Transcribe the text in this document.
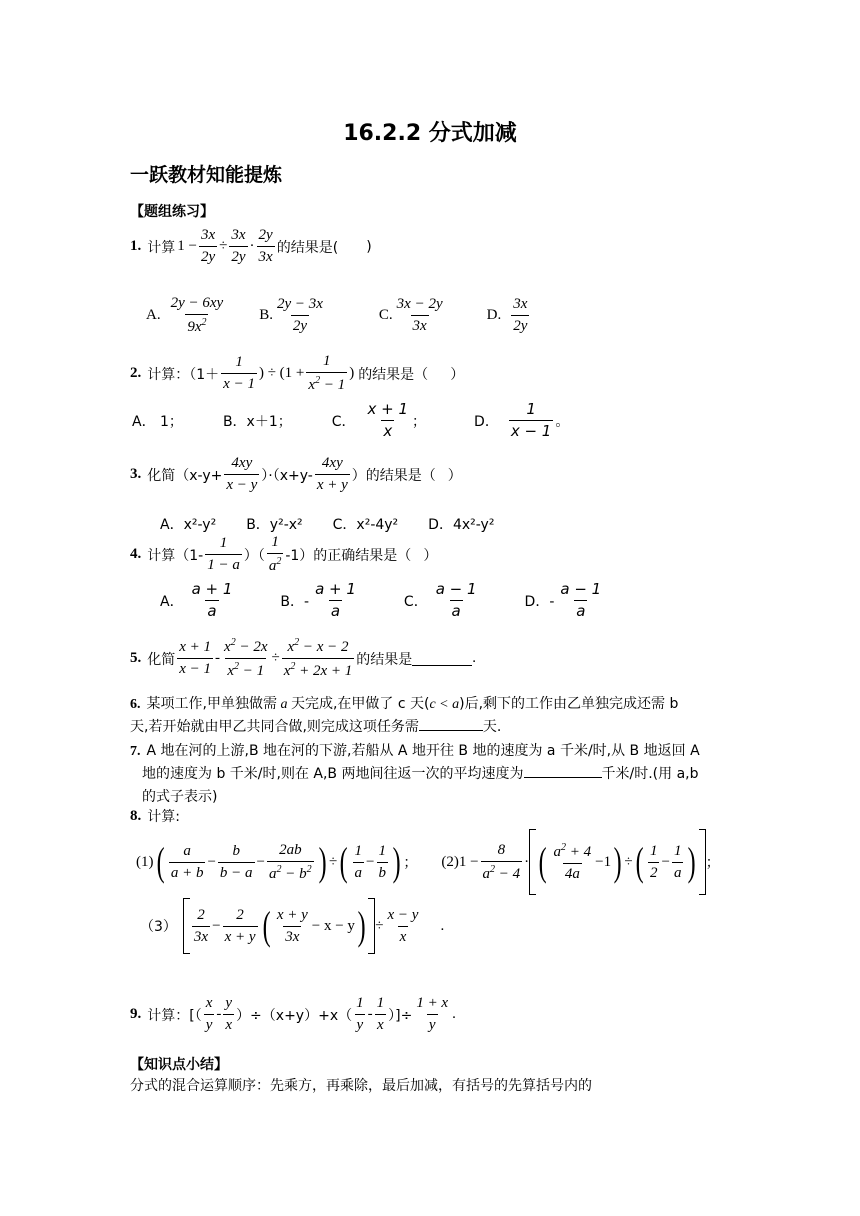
16.2.2 分式加减
一跃教材知能提炼
【题组练习】
1. 计算 $1 - \frac{3x}{2y} \div \frac{3x}{2y} \cdot \frac{2y}{3x}$ 的结果是( )
A. $\frac{2y - 6xy}{9x^2} B$. $\frac{2y - 3x}{2y}$	C. $\frac{3x - 2y}{3x}$	D. $\frac{3x}{2y}$
2. 计算：（$1+ \frac{1}{x - 1}$ ) ÷ ($1 + \frac{1}{x^2 - 1}$ ) 的结果是（ ）
A． 1；	B．x＋1；	C． $\frac{x + 1}{x}$ ；	D． $\frac{1}{x - 1}$ 。
3. 化简$(x-y+ \frac{4xy}{x - y} )\cdot(x+y- \frac{4xy}{x + y}$ ）的结果是（ ）
A．x²-y² B．y²-x² C．x²-4y² D．4x²-y²
4. 计算（$1- \frac{1}{1 - a}$ ）（ $\frac{1}{a^2} -1$）的正确结果是（ ）
A． $\frac{a + 1}{a}$	B．- $\frac{a + 1}{a}$	C． $\frac{a - 1}{a}$	D．- $\frac{a - 1}{a}$
5. 化简 $\frac{x + 1}{x - 1} - \frac{x^2 - 2x}{x^2 - 1} \div \frac{x^2 - x - 2}{x^2 + 2x + 1}$ 的结果是	.
6. 某项工作,甲单独做需 a 天完成,在甲做了 c 天(c < a)后,剩下的工作由乙单独完成还需 b
天,若开始就由甲乙共同合做,则完成这项任务需	天.
7. A 地在河的上游,B 地在河的下游,若船从 A 地开往 B 地的速度为 a 千米/时,从 B 地返回 A
地的速度为 b 千米/时,则在 A,B 两地间往返一次的平均速度为	千米/时.(用 a,b
的式子表示)
8. 计算:
(1) ( $\frac{a}{a + b} - \frac{b}{b - a} - \frac{2ab}{a^2 - b^2}$ ) ÷ ( $\frac{1}{a} - \frac{1}{b}$ ) ； (2) $1 - \frac{8}{a^2 - 4}$ · ( $\frac{a^2 + 4}{4a} -1$ ) ÷ ( $\frac{1}{2} - \frac{1}{a}$ ) ；
$(3) \frac{2}{3x} - \frac{2}{x + y}$ ( $\frac{x + y}{3x} - x - y$ ) ÷ $\frac{x - y}{x}$ .
9. 计算：[（ $\frac{x}{y} - \frac{y}{x} )\div(x+y)+x( \frac{1}{y} - \frac{1}{x}$ ）]÷ $\frac{1 + x}{y}$ .
【知识点小结】
分式的混合运算顺序：先乘方，再乘除，最后加减，有括号的先算括号内的
